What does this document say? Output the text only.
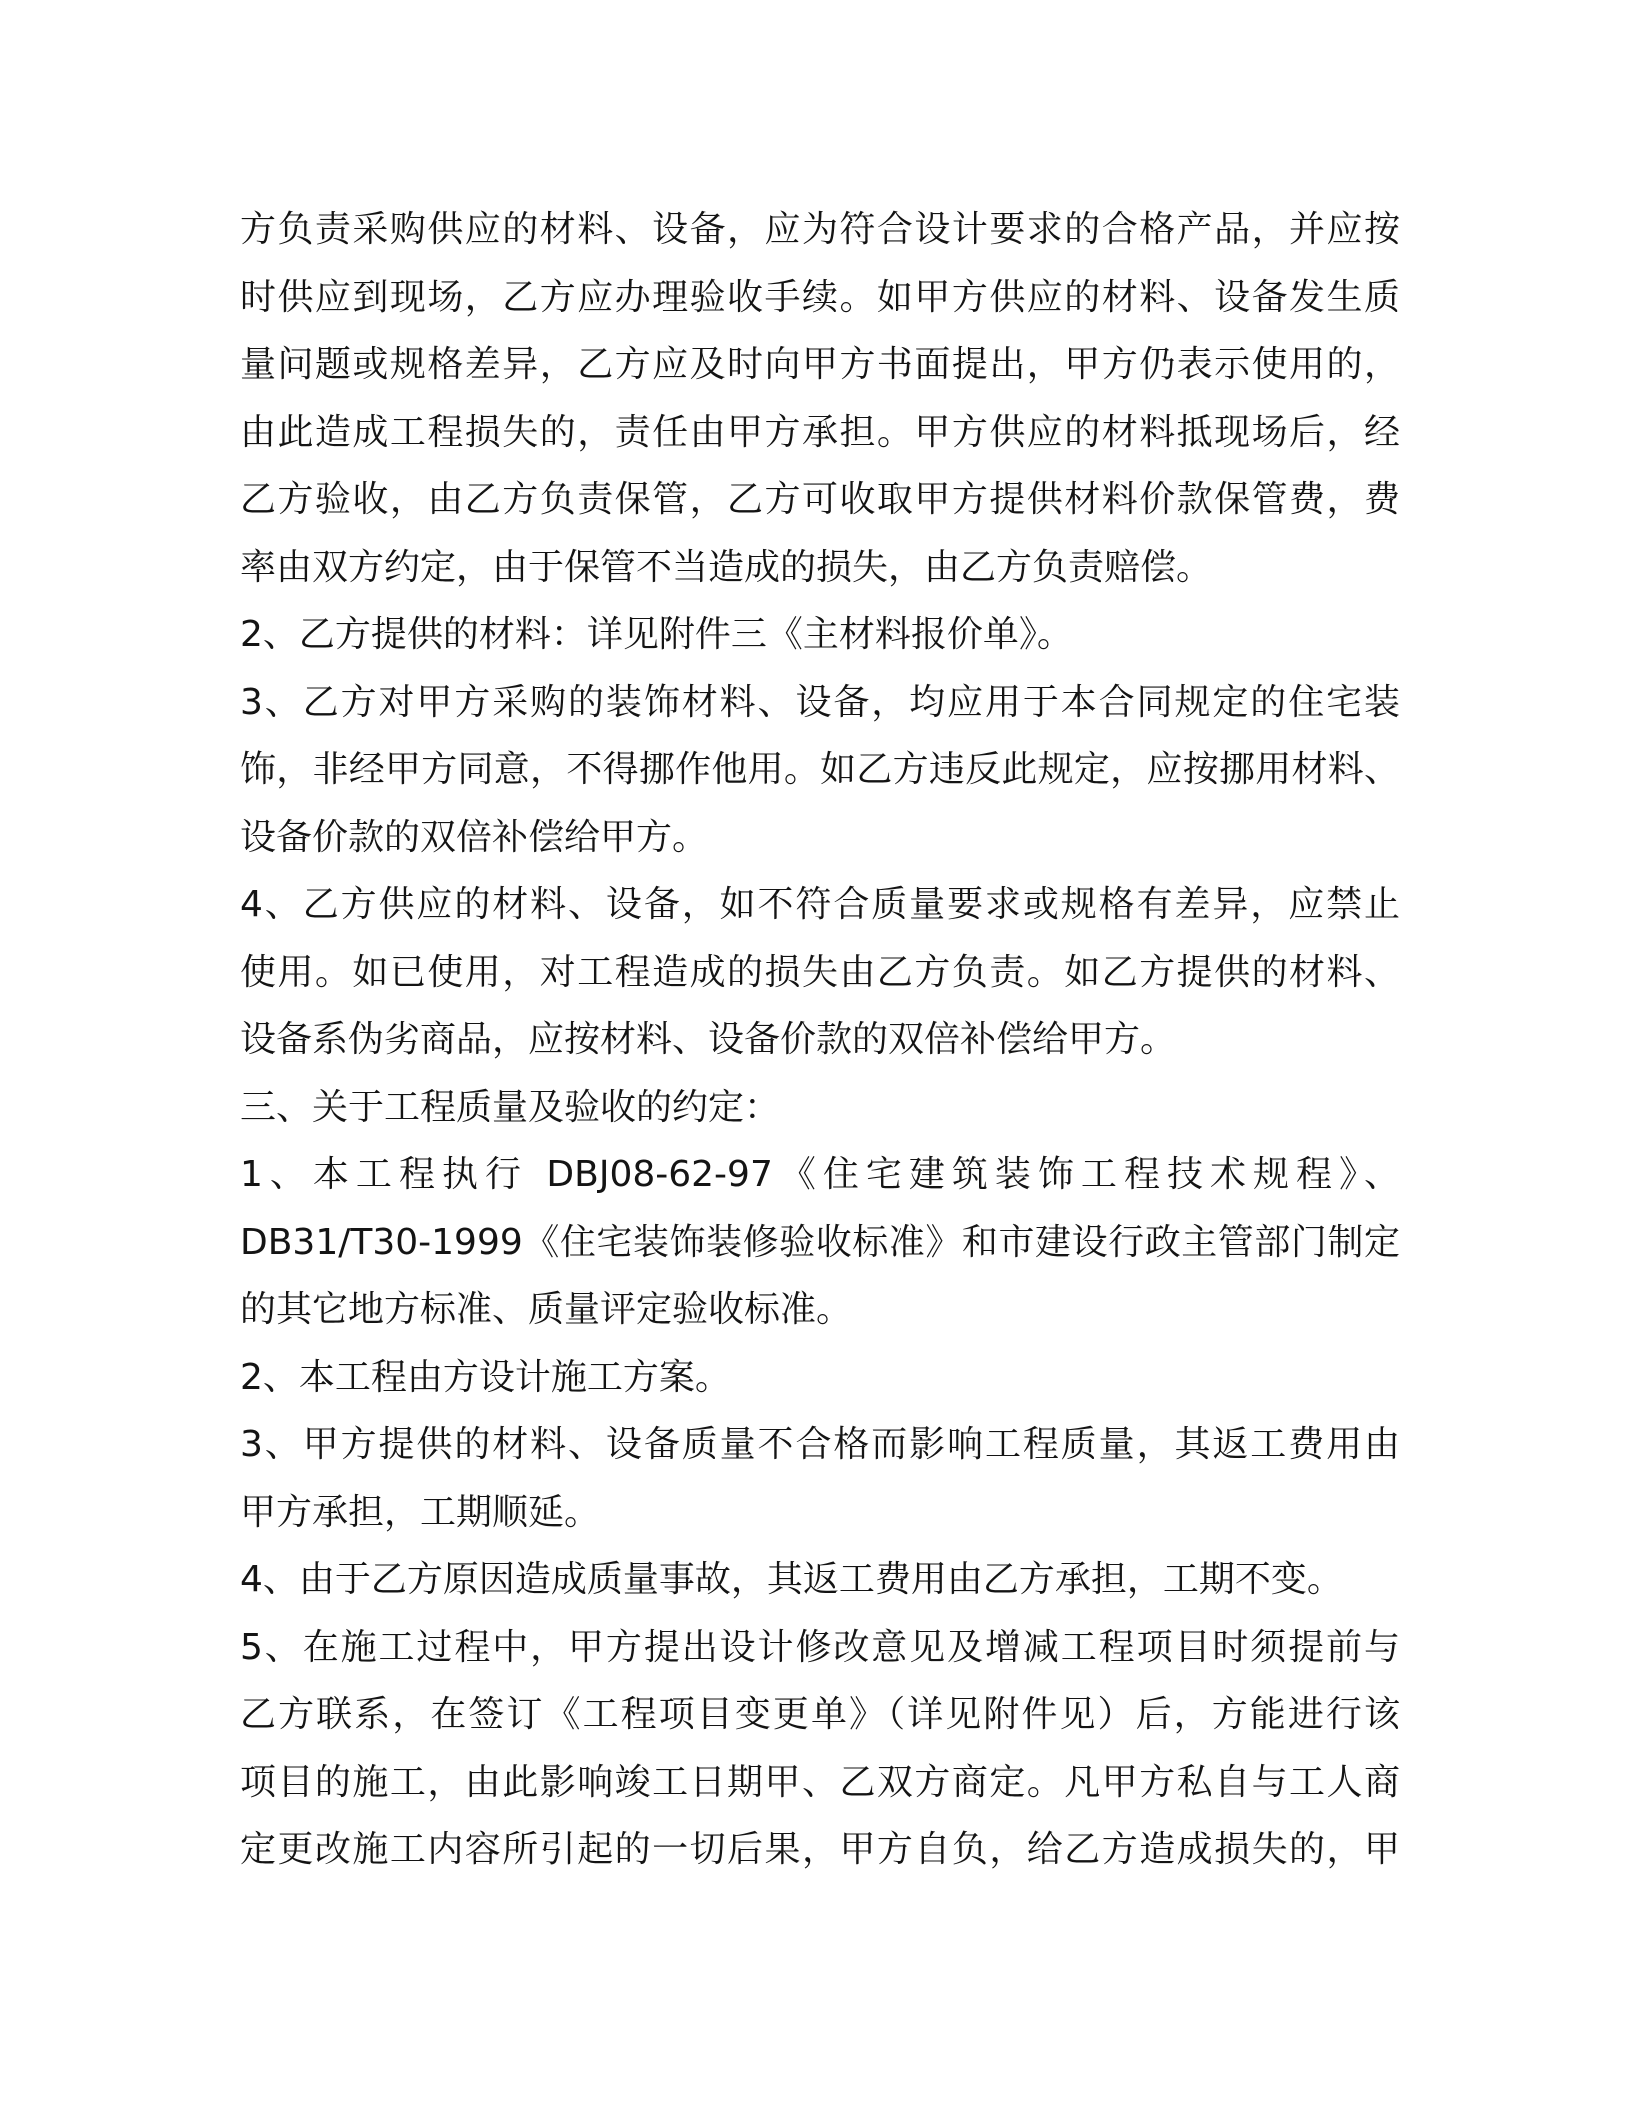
方负责采购供应的材料、设备，应为符合设计要求的合格产品，并应按
时供应到现场，乙方应办理验收手续。如甲方供应的材料、设备发生质
量问题或规格差异，乙方应及时向甲方书面提出，甲方仍表示使用的，
由此造成工程损失的，责任由甲方承担。甲方供应的材料抵现场后，经
乙方验收，由乙方负责保管，乙方可收取甲方提供材料价款保管费，费
率由双方约定，由于保管不当造成的损失，由乙方负责赔偿。
2、乙方提供的材料：详见附件三《主材料报价单》。
3、乙方对甲方采购的装饰材料、设备，均应用于本合同规定的住宅装
饰，非经甲方同意，不得挪作他用。如乙方违反此规定，应按挪用材料、
设备价款的双倍补偿给甲方。
4、乙方供应的材料、设备，如不符合质量要求或规格有差异，应禁止
使用。如已使用，对工程造成的损失由乙方负责。如乙方提供的材料、
设备系伪劣商品，应按材料、设备价款的双倍补偿给甲方。
三、关于工程质量及验收的约定：
1、本工程执行 DBJ08-62-97《住宅建筑装饰工程技术规程》、
DB31/T30-1999《住宅装饰装修验收标准》和市建设行政主管部门制定
的其它地方标准、质量评定验收标准。
2、本工程由方设计施工方案。
3、甲方提供的材料、设备质量不合格而影响工程质量，其返工费用由
甲方承担，工期顺延。
4、由于乙方原因造成质量事故，其返工费用由乙方承担，工期不变。
5、在施工过程中，甲方提出设计修改意见及增减工程项目时须提前与
乙方联系，在签订《工程项目变更单》（详见附件见）后，方能进行该
项目的施工，由此影响竣工日期甲、乙双方商定。凡甲方私自与工人商
定更改施工内容所引起的一切后果，甲方自负，给乙方造成损失的，甲
